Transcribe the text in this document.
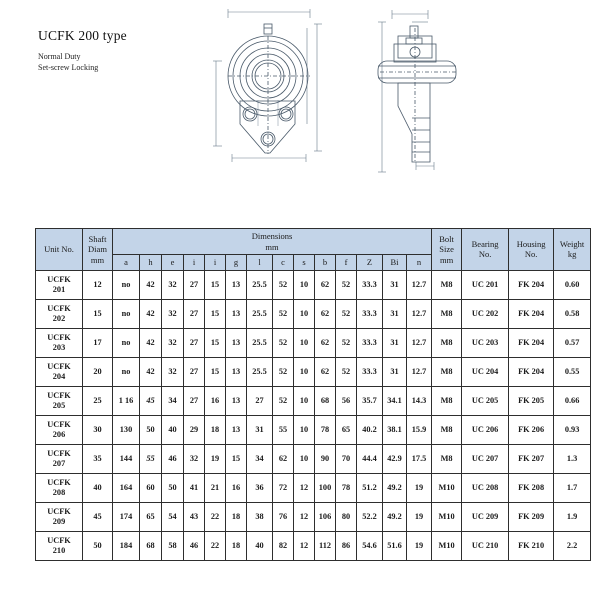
UCFK 200 type
Normal Duty
Set-screw Locking
Unit No.	
Shaft
Diam
mm

Dimensions
mm

Bolt
Size
mm

Bearing
No.

Housing
No.

Weight
kg

		a	h	e	i	i	g	l	c	s	b	f	Z	Bi	n				

UCFK
201	12	no	42	32	27	15	13	25.5	52	10	62	52	33.3	31	12.7	M8	UC 201	FK 204	0.60

UCFK
202	15	no	42	32	27	15	13	25.5	52	10	62	52	33.3	31	12.7	M8	UC 202	FK 204	0.58

UCFK
203	17	no	42	32	27	15	13	25.5	52	10	62	52	33.3	31	12.7	M8	UC 203	FK 204	0.57

UCFK
204	20	no	42	32	27	15	13	25.5	52	10	62	52	33.3	31	12.7	M8	UC 204	FK 204	0.55

UCFK
205	25	1 16	45	34	27	16	13	27	52	10	68	56	35.7	34.1	14.3	M8	UC 205	FK 205	0.66

UCFK
206	30	130	50	40	29	18	13	31	55	10	78	65	40.2	38.1	15.9	M8	UC 206	FK 206	0.93

UCFK
207	35	144	55	46	32	19	15	34	62	10	90	70	44.4	42.9	17.5	M8	UC 207	FK 207	1.3

UCFK
208	40	164	60	50	41	21	16	36	72	12	100	78	51.2	49.2	19	M10	UC 208	FK 208	1.7

UCFK
209	45	174	65	54	43	22	18	38	76	12	106	80	52.2	49.2	19	M10	UC 209	FK 209	1.9

UCFK
210	50	184	68	58	46	22	18	40	82	12	112	86	54.6	51.6	19	M10	UC 210	FK 210	2.2
